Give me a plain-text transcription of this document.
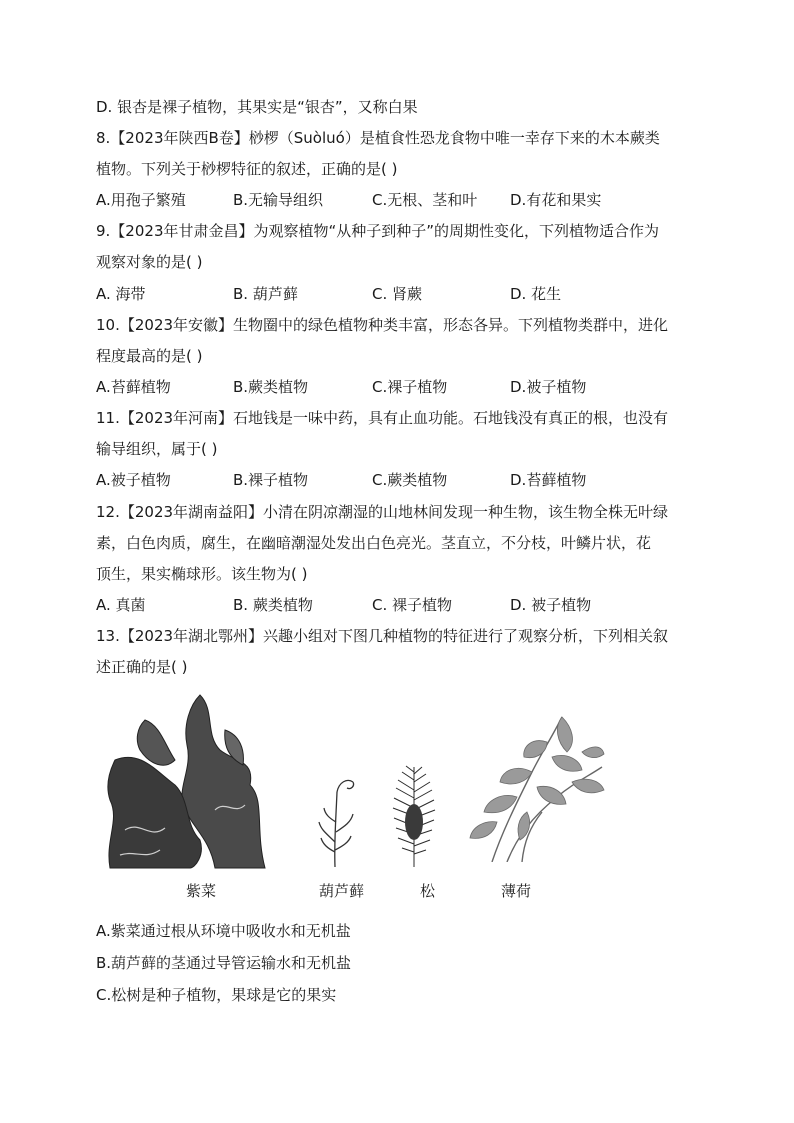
D. 银杏是裸子植物，其果实是“银杏”，又称白果
8.【2023年陕西B卷】桫椤（Suòluó）是植食性恐龙食物中唯一幸存下来的木本蕨类
植物。下列关于桫椤特征的叙述，正确的是( )
A.用孢子繁殖	B.无输导组织	C.无根、茎和叶 D.有花和果实
9.【2023年甘肃金昌】为观察植物“从种子到种子”的周期性变化，下列植物适合作为
观察对象的是( )
A. 海带	B. 葫芦藓	C. 肾蕨	D. 花生
10.【2023年安徽】生物圈中的绿色植物种类丰富，形态各异。下列植物类群中，进化
程度最高的是( )
A.苔藓植物	B.蕨类植物	C.裸子植物	D.被子植物
11.【2023年河南】石地钱是一味中药，具有止血功能。石地钱没有真正的根，也没有
输导组织，属于( )
A.被子植物	B.裸子植物	C.蕨类植物	D.苔藓植物
12.【2023年湖南益阳】小清在阴凉潮湿的山地林间发现一种生物，该生物全株无叶绿
素，白色肉质，腐生，在幽暗潮湿处发出白色亮光。茎直立，不分枝，叶鳞片状，花
顶生，果实椭球形。该生物为( )
A. 真菌	B. 蕨类植物	C. 裸子植物	D. 被子植物
13.【2023年湖北鄂州】兴趣小组对下图几种植物的特征进行了观察分析，下列相关叙
述正确的是( )
紫菜	葫芦藓	松	薄荷
A.紫菜通过根从环境中吸收水和无机盐
B.葫芦藓的茎通过导管运输水和无机盐
C.松树是种子植物，果球是它的果实
